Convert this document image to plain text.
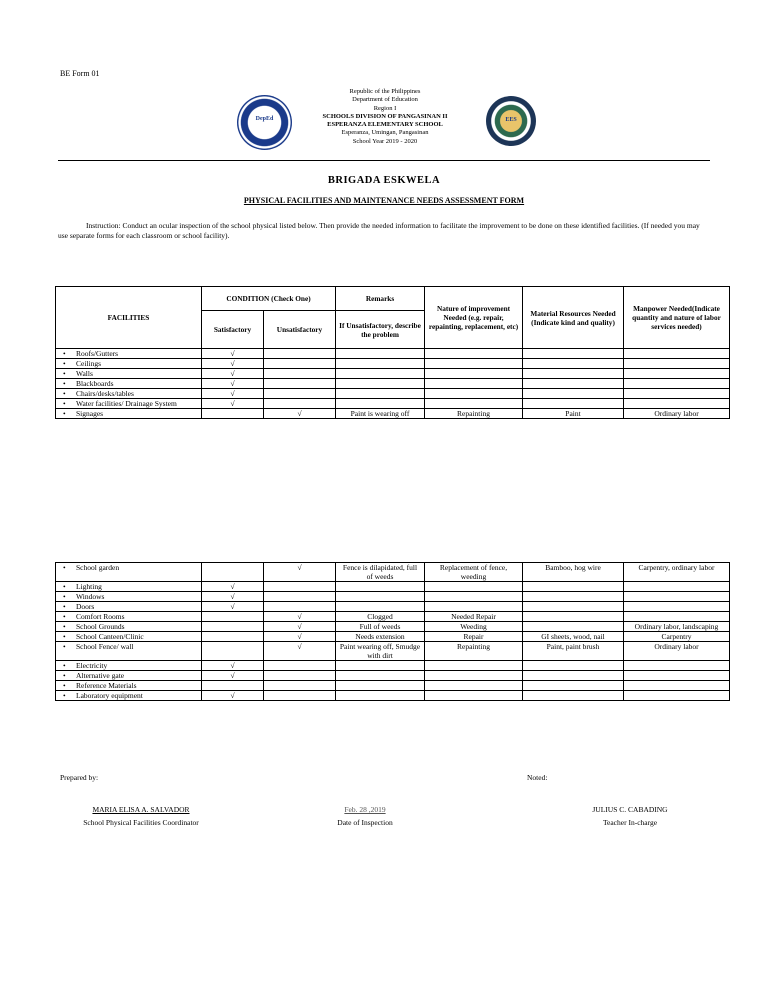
BE Form 01
DepEd	EES
Republic of the Philippines
Department of Education
Region I
SCHOOLS DIVISION OF PANGASINAN II
ESPERANZA ELEMENTARY SCHOOL
Esperanza, Umingan, Pangasinan
School Year 2019 - 2020
BRIGADA ESKWELA
PHYSICAL FACILITIES AND MAINTENANCE NEEDS ASSESSMENT FORM
Instruction: Conduct an ocular inspection of the school physical listed below. Then provide the needed information to facilitate the improvement to be done on these identified facilities. (If needed you may use separate forms for each classroom or school facility).
FACILITIES	CONDITION (Check One)		Remarks	Nature of improvement Needed (e.g. repair, repainting, replacement, etc)	Material Resources Needed (Indicate kind and quality)	Manpower Needed(Indicate quantity and nature of labor services needed)
	Satisfactory	Unsatisfactory	If Unsatisfactory, describe the problem			
• Roofs/Gutters	√					
• Ceilings	√					
• Walls	√					
• Blackboards	√					
• Chairs/desks/tables	√					
• Water facilities/ Drainage System	√					
• Signages		√	Paint is wearing off	Repainting	Paint	Ordinary labor
• School garden		√	Fence is dilapidated, full of weeds	Replacement of fence, weeding	Bamboo, hog wire	Carpentry, ordinary labor
• Lighting	√					
• Windows	√					
• Doors	√					
• Comfort Rooms		√	Clogged	Needed Repair		
• School Grounds		√	Full of weeds	Weeding		Ordinary labor, landscaping
• School Canteen/Clinic		√	Needs extension	Repair	GI sheets, wood, nail	Carpentry
• School Fence/ wall		√	Paint wearing off, Smudge with dirt	Repainting	Paint, paint brush	Ordinary labor
• Electricity	√					
• Alternative gate	√					
• Reference Materials						
• Laboratory equipment	√					
Prepared by:	Noted:
MARIA ELISA A. SALVADOR
School Physical Facilities Coordinator
Feb. 28 ,2019
Date of Inspection
JULIUS C. CABADING
Teacher In-charge
